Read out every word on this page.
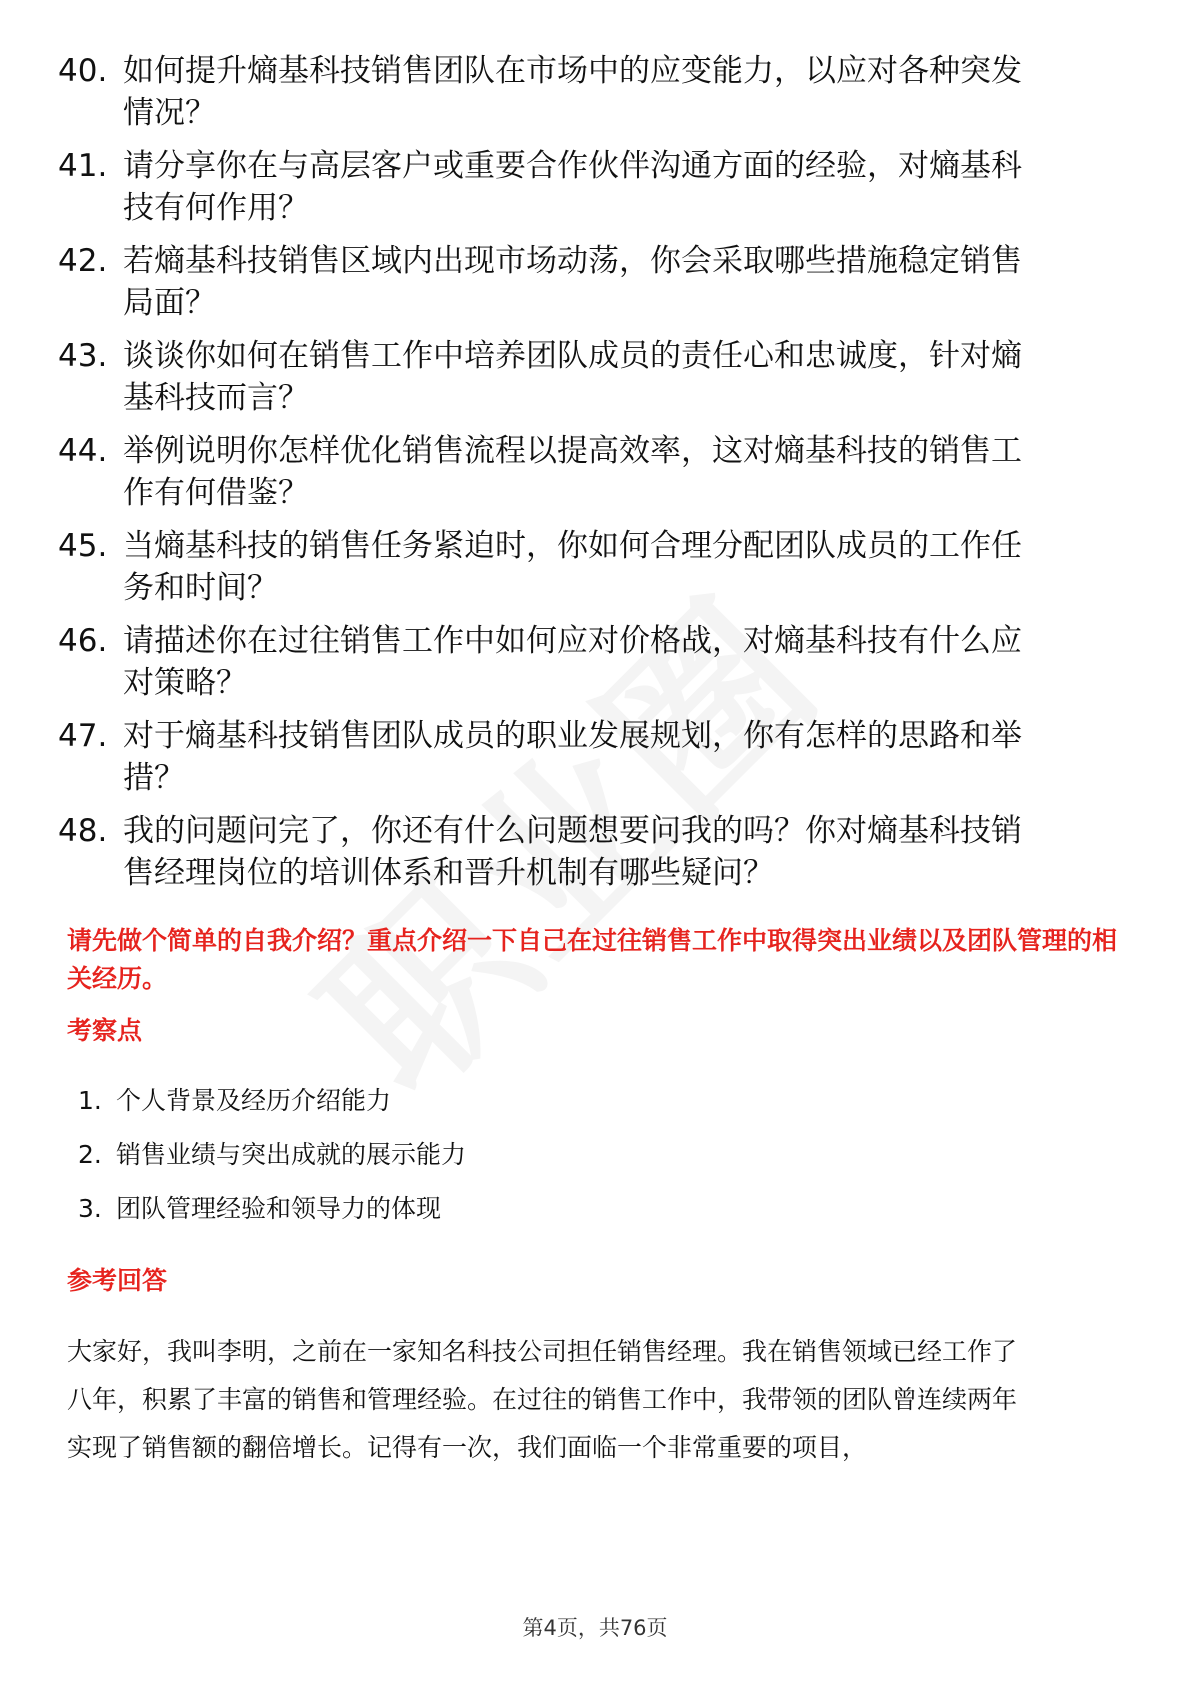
40. 如何提升熵基科技销售团队在市场中的应变能力，以应对各种突发情况？
41. 请分享你在与高层客户或重要合作伙伴沟通方面的经验，对熵基科技有何作用？
42. 若熵基科技销售区域内出现市场动荡，你会采取哪些措施稳定销售局面？
43. 谈谈你如何在销售工作中培养团队成员的责任心和忠诚度，针对熵基科技而言？
44. 举例说明你怎样优化销售流程以提高效率，这对熵基科技的销售工作有何借鉴？
45. 当熵基科技的销售任务紧迫时，你如何合理分配团队成员的工作任务和时间？
46. 请描述你在过往销售工作中如何应对价格战，对熵基科技有什么应对策略？
47. 对于熵基科技销售团队成员的职业发展规划，你有怎样的思路和举措？
48. 我的问题问完了，你还有什么问题想要问我的吗？你对熵基科技销售经理岗位的培训体系和晋升机制有哪些疑问？

请先做个简单的自我介绍？重点介绍一下自己在过往销售工作中取得突出业绩以及团队管理的相关经历。

考察点
1. 个人背景及经历介绍能力
2. 销售业绩与突出成就的展示能力
3. 团队管理经验和领导力的体现
参考回答

大家好，我叫李明，之前在一家知名科技公司担任销售经理。我在销售领域已经工作了八年，积累了丰富的销售和管理经验。在过往的销售工作中，我带领的团队曾连续两年实现了销售额的翻倍增长。记得有一次，我们面临一个非常重要的项目，

第4页，共76页
